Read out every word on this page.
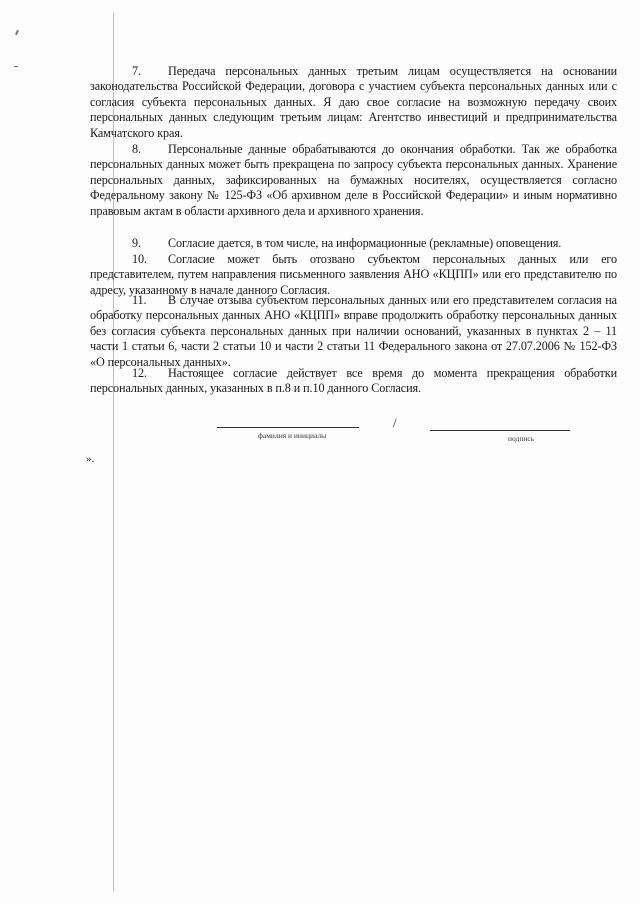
7. Передача персональных данных третьим лицам осуществляется на основании законодательства Российской Федерации, договора с участием субъекта персональных данных или с согласия субъекта персональных данных. Я даю свое согласие на возможную передачу своих персональных данных следующим третьим лицам: Агентство инвестиций и предпринимательства Камчатского края.

8. Персональные данные обрабатываются до окончания обработки. Так же обработка персональных данных может быть прекращена по запросу субъекта персональных данных. Хранение персональных данных, зафиксированных на бумажных носителях, осуществляется согласно Федеральному закону № 125-ФЗ «Об архивном деле в Российской Федерации» и иным нормативно правовым актам в области архивного дела и архивного хранения.

9. Согласие дается, в том числе, на информационные (рекламные) оповещения.

10. Согласие может быть отозвано субъектом персональных данных или его представителем, путем направления письменного заявления АНО «КЦПП» или его представителю по адресу, указанному в начале данного Согласия.

11. В случае отзыва субъектом персональных данных или его представителем согласия на обработку персональных данных АНО «КЦПП» вправе продолжить обработку персональных данных без согласия субъекта персональных данных при наличии оснований, указанных в пунктах 2 – 11 части 1 статьи 6, части 2 статьи 10 и части 2 статьи 11 Федерального закона от 27.07.2006 № 152-ФЗ «О персональных данных».

12. Настоящее согласие действует все время до момента прекращения обработки персональных данных, указанных в п.8 и п.10 данного Согласия.

/
фамилия и инициалы	подпись
».
